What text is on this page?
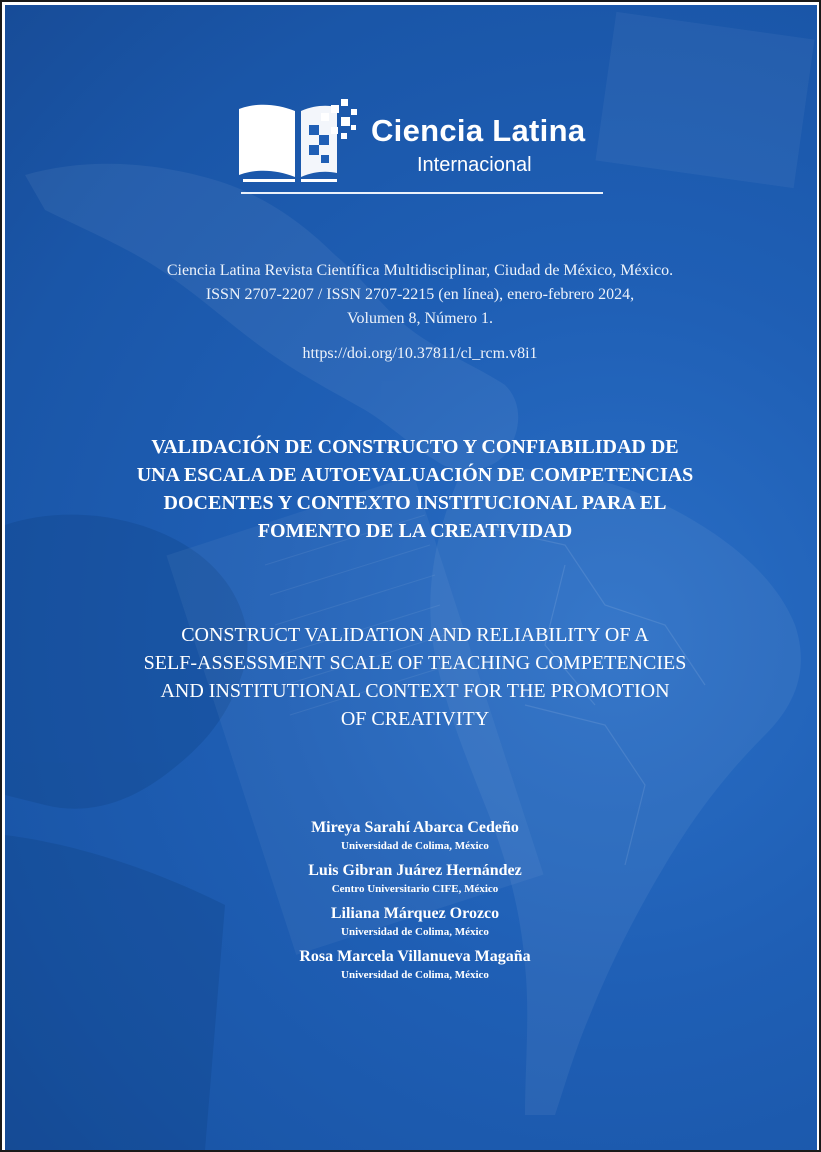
Ciencia Latina
Internacional
Ciencia Latina Revista Científica Multidisciplinar, Ciudad de México, México.
ISSN 2707-2207 / ISSN 2707-2215 (en línea), enero-febrero 2024,
Volumen 8, Número 1.
https://doi.org/10.37811/cl_rcm.v8i1
VALIDACIÓN DE CONSTRUCTO Y CONFIABILIDAD DE
UNA ESCALA DE AUTOEVALUACIÓN DE COMPETENCIAS
DOCENTES Y CONTEXTO INSTITUCIONAL PARA EL
FOMENTO DE LA CREATIVIDAD
CONSTRUCT VALIDATION AND RELIABILITY OF A
SELF-ASSESSMENT SCALE OF TEACHING COMPETENCIES
AND INSTITUTIONAL CONTEXT FOR THE PROMOTION
OF CREATIVITY
Mireya Sarahí Abarca Cedeño
Universidad de Colima, México
Luis Gibran Juárez Hernández
Centro Universitario CIFE, México
Liliana Márquez Orozco
Universidad de Colima, México
Rosa Marcela Villanueva Magaña
Universidad de Colima, México
